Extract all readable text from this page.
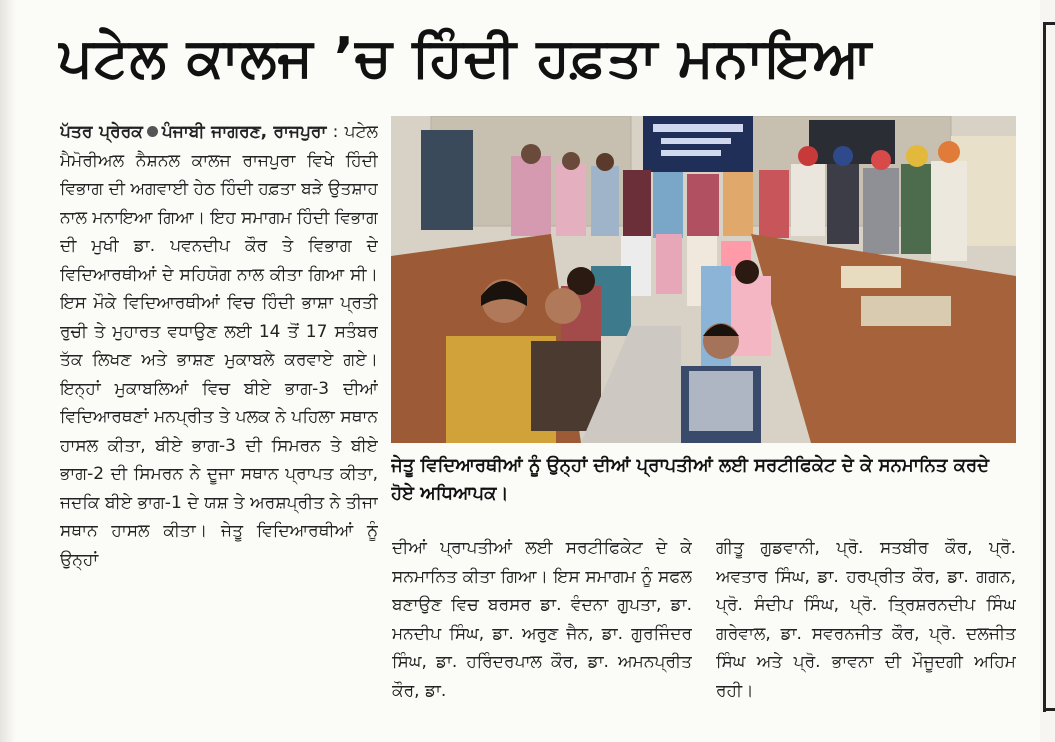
ਪਟੇਲ ਕਾਲਜ ’ਚ ਹਿੰਦੀ ਹਫ਼ਤਾ ਮਨਾਇਆ
ਪੱਤਰ ਪ੍ਰੇਰਕ ਪੰਜਾਬੀ ਜਾਗਰਣ, ਰਾਜਪੁਰਾ : ਪਟੇਲ ਮੈਮੋਰੀਅਲ ਨੈਸ਼ਨਲ ਕਾਲਜ ਰਾਜਪੁਰਾ ਵਿਖੇ ਹਿੰਦੀ ਵਿਭਾਗ ਦੀ ਅਗਵਾਈ ਹੇਠ ਹਿੰਦੀ ਹਫ਼ਤਾ ਬੜੇ ਉਤਸ਼ਾਹ ਨਾਲ ਮਨਾਇਆ ਗਿਆ। ਇਹ ਸਮਾਗਮ ਹਿੰਦੀ ਵਿਭਾਗ ਦੀ ਮੁਖੀ ਡਾ. ਪਵਨਦੀਪ ਕੌਰ ਤੇ ਵਿਭਾਗ ਦੇ ਵਿਦਿਆਰਥੀਆਂ ਦੇ ਸਹਿਯੋਗ ਨਾਲ ਕੀਤਾ ਗਿਆ ਸੀ। ਇਸ ਮੌਕੇ ਵਿਦਿਆਰਥੀਆਂ ਵਿਚ ਹਿੰਦੀ ਭਾਸ਼ਾ ਪ੍ਰਤੀ ਰੁਚੀ ਤੇ ਮੁਹਾਰਤ ਵਧਾਉਣ ਲਈ 14 ਤੋਂ 17 ਸਤੰਬਰ ਤੱਕ ਲਿਖਣ ਅਤੇ ਭਾਸ਼ਣ ਮੁਕਾਬਲੇ ਕਰਵਾਏ ਗਏ। ਇਨ੍ਹਾਂ ਮੁਕਾਬਲਿਆਂ ਵਿਚ ਬੀਏ ਭਾਗ-3 ਦੀਆਂ ਵਿਦਿਆਰਥਣਾਂ ਮਨਪ੍ਰੀਤ ਤੇ ਪਲਕ ਨੇ ਪਹਿਲਾ ਸਥਾਨ ਹਾਸਲ ਕੀਤਾ, ਬੀਏ ਭਾਗ-3 ਦੀ ਸਿਮਰਨ ਤੇ ਬੀਏ ਭਾਗ-2 ਦੀ ਸਿਮਰਨ ਨੇ ਦੂਜਾ ਸਥਾਨ ਪ੍ਰਾਪਤ ਕੀਤਾ, ਜਦਕਿ ਬੀਏ ਭਾਗ-1 ਦੇ ਯਸ਼ ਤੇ ਅਰਸ਼ਪ੍ਰੀਤ ਨੇ ਤੀਜਾ ਸਥਾਨ ਹਾਸਲ ਕੀਤਾ। ਜੇਤੂ ਵਿਦਿਆਰਥੀਆਂ ਨੂੰ ਉਨ੍ਹਾਂ
ਜੇਤੂ ਵਿਦਿਆਰਥੀਆਂ ਨੂੰ ਉਨ੍ਹਾਂ ਦੀਆਂ ਪ੍ਰਾਪਤੀਆਂ ਲਈ ਸਰਟੀਫਿਕੇਟ ਦੇ ਕੇ ਸਨਮਾਨਿਤ ਕਰਦੇ ਹੋਏ ਅਧਿਆਪਕ।
ਦੀਆਂ ਪ੍ਰਾਪਤੀਆਂ ਲਈ ਸਰਟੀਫਿਕੇਟ ਦੇ ਕੇ ਸਨਮਾਨਿਤ ਕੀਤਾ ਗਿਆ। ਇਸ ਸਮਾਗਮ ਨੂੰ ਸਫਲ ਬਣਾਉਣ ਵਿਚ ਬਰਸਰ ਡਾ. ਵੰਦਨਾ ਗੁਪਤਾ, ਡਾ. ਮਨਦੀਪ ਸਿੰਘ, ਡਾ. ਅਰੁਣ ਜੈਨ, ਡਾ. ਗੁਰਜਿੰਦਰ ਸਿੰਘ, ਡਾ. ਹਰਿੰਦਰਪਾਲ ਕੌਰ, ਡਾ. ਅਮਨਪ੍ਰੀਤ ਕੌਰ, ਡਾ.
ਗੀਤੂ ਗੁਡਵਾਨੀ, ਪ੍ਰੋ. ਸਤਬੀਰ ਕੌਰ, ਪ੍ਰੋ. ਅਵਤਾਰ ਸਿੰਘ, ਡਾ. ਹਰਪ੍ਰੀਤ ਕੌਰ, ਡਾ. ਗਗਨ, ਪ੍ਰੋ. ਸੰਦੀਪ ਸਿੰਘ, ਪ੍ਰੋ. ਤ੍ਰਿਸ਼ਰਨਦੀਪ ਸਿੰਘ ਗਰੇਵਾਲ, ਡਾ. ਸਵਰਨਜੀਤ ਕੌਰ, ਪ੍ਰੋ. ਦਲਜੀਤ ਸਿੰਘ ਅਤੇ ਪ੍ਰੋ. ਭਾਵਨਾ ਦੀ ਮੌਜੂਦਗੀ ਅਹਿਮ ਰਹੀ।
